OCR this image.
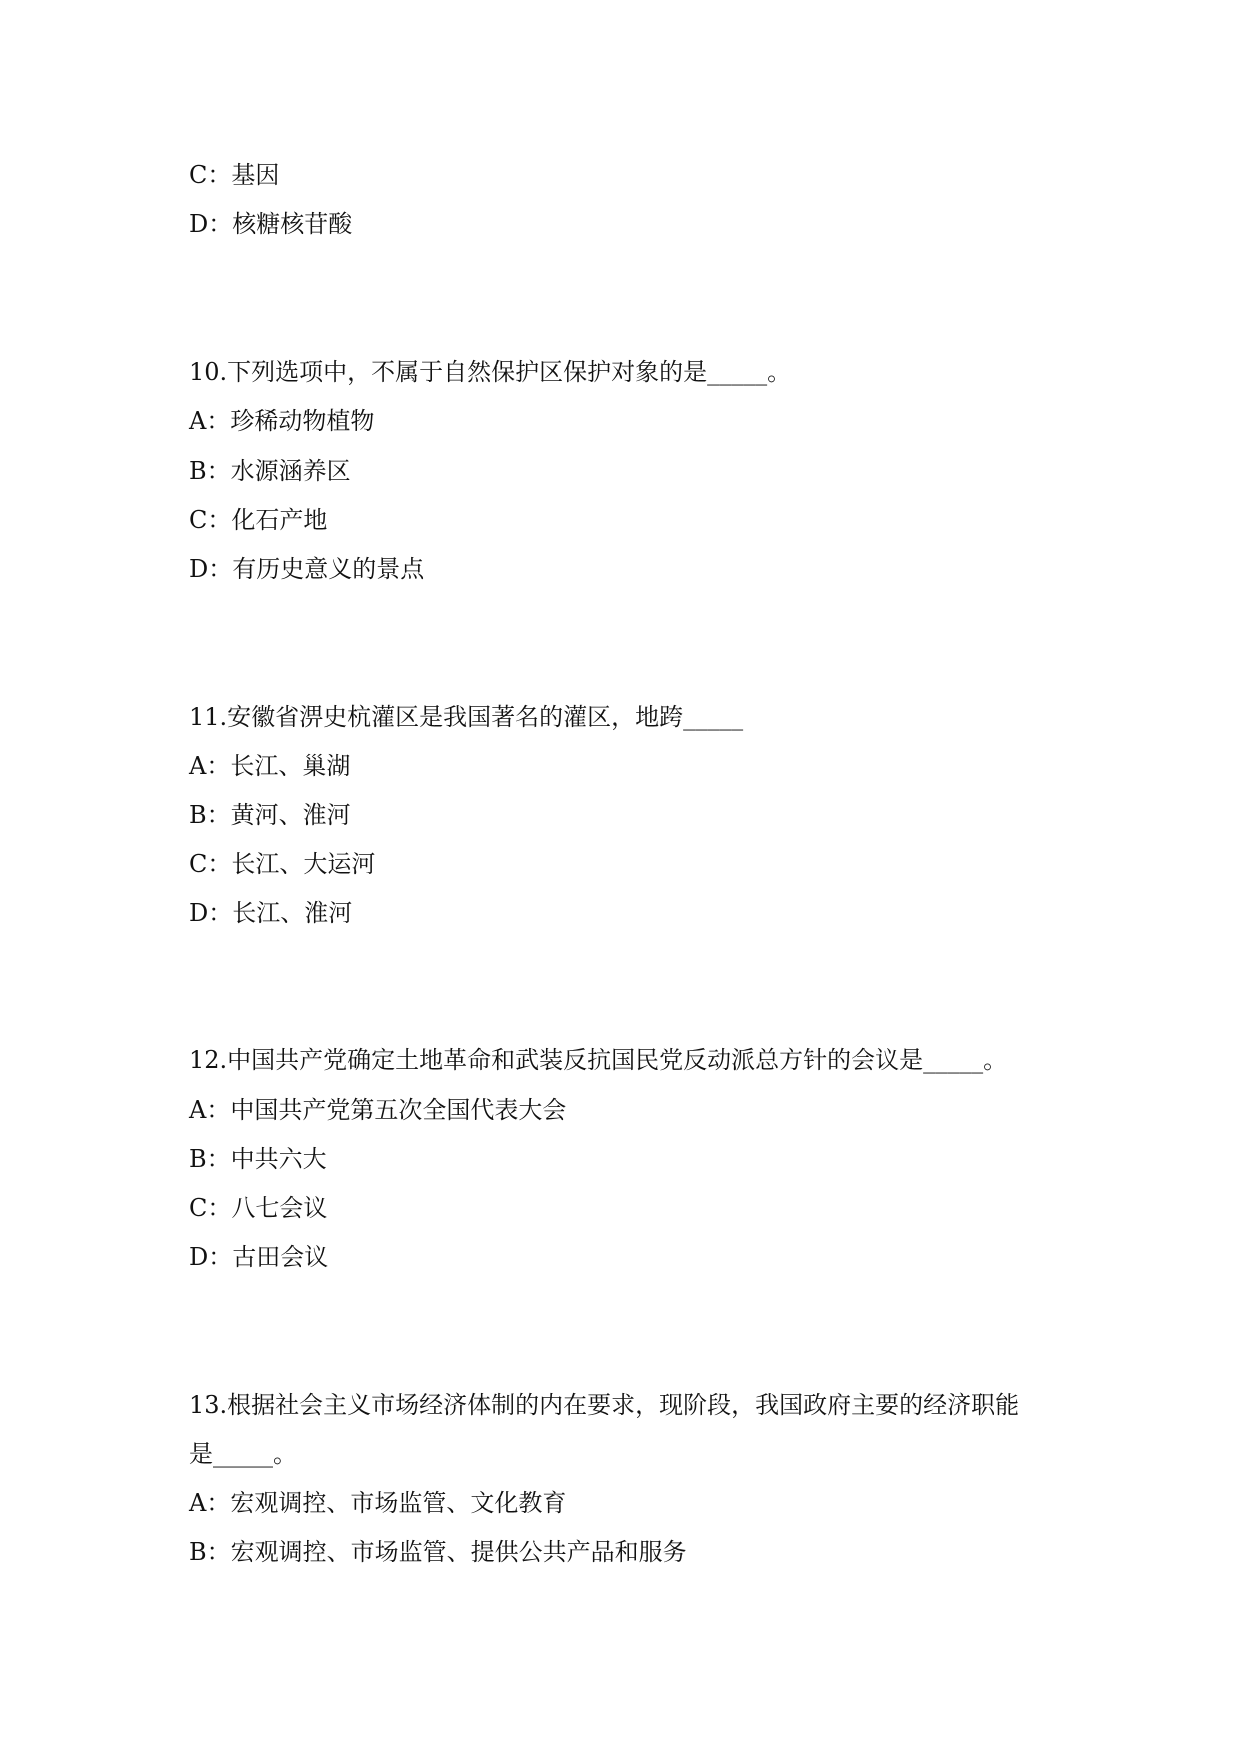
C：基因
D：核糖核苷酸
10.下列选项中，不属于自然保护区保护对象的是_____。
A：珍稀动物植物
B：水源涵养区
C：化石产地
D：有历史意义的景点
11.安徽省淠史杭灌区是我国著名的灌区，地跨_____
A：长江、巢湖
B：黄河、淮河
C：长江、大运河
D：长江、淮河
12.中国共产党确定土地革命和武装反抗国民党反动派总方针的会议是_____。
A：中国共产党第五次全国代表大会
B：中共六大
C：八七会议
D：古田会议
13.根据社会主义市场经济体制的内在要求，现阶段，我国政府主要的经济职能
是_____。
A：宏观调控、市场监管、文化教育
B：宏观调控、市场监管、提供公共产品和服务
